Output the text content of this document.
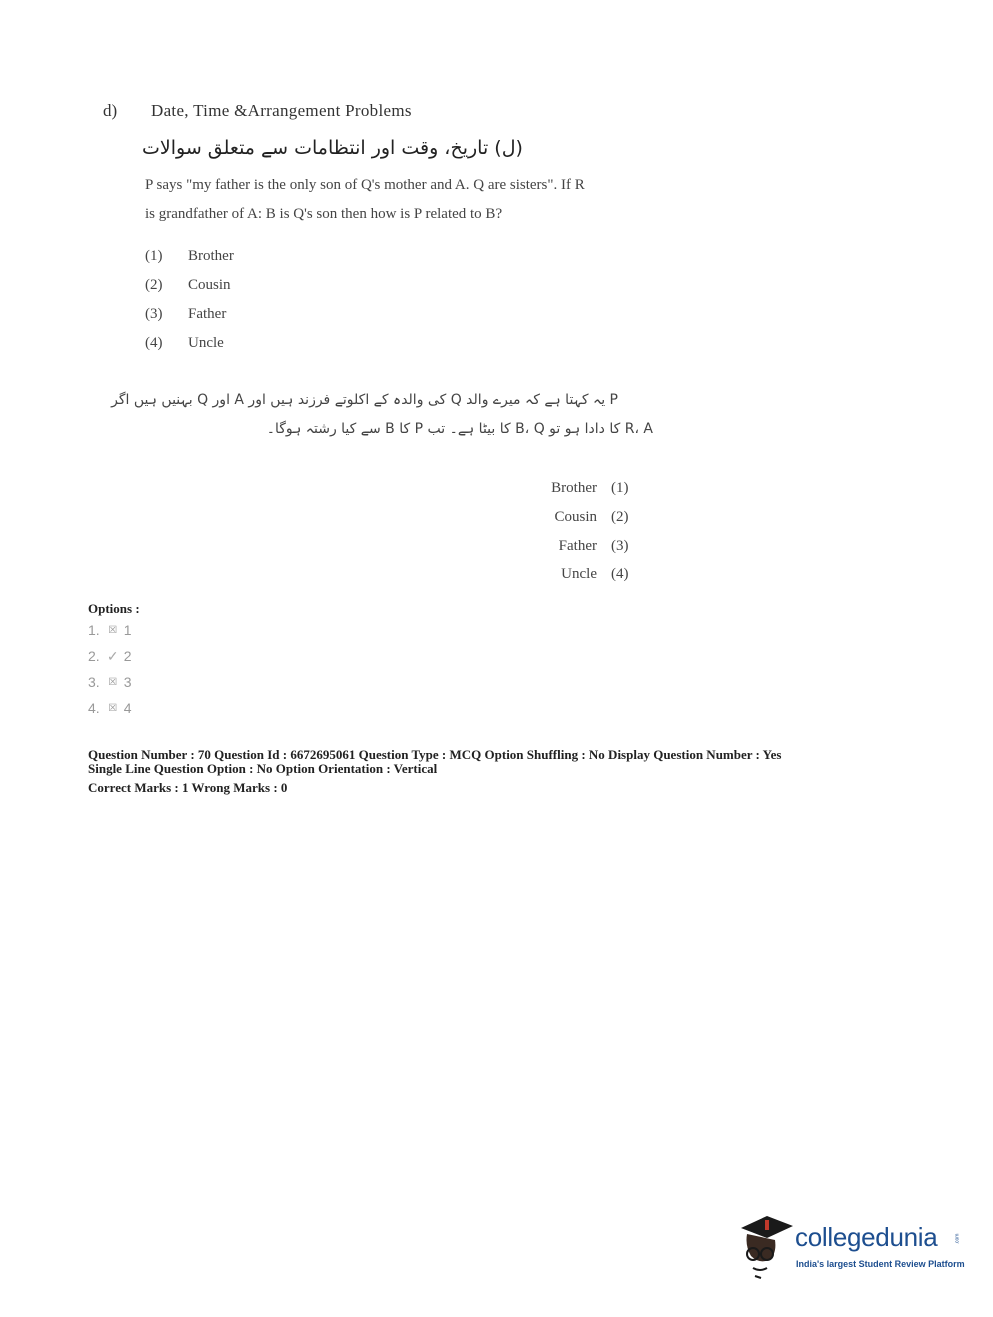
d) Date, Time &Arrangement Problems
(ل) تاریخ، وقت اور انتظامات سے متعلق سوالات
P says "my father is the only son of Q's mother and A. Q are sisters". If R
is grandfather of A: B is Q's son then how is P related to B?
(1) Brother
(2) Cousin
(3) Father
(4) Uncle
P یہ کہتا ہے کہ میرے والد Q کی والدہ کے اکلوتے فرزند ہیں اور A اور Q بہنیں ہیں اگر
R، A کا دادا ہو تو B، Q کا بیٹا ہے۔ تب P کا B سے کیا رشتہ ہوگا۔
Brother (1)
Cousin (2)
Father (3)
Uncle (4)
Options :
1. ☒ 1
2. ✓ 2
3. ☒ 3
4. ☒ 4
Question Number : 70 Question Id : 6672695061 Question Type : MCQ Option Shuffling : No Display Question Number : Yes
Single Line Question Option : No Option Orientation : Vertical
Correct Marks : 1 Wrong Marks : 0
collegedunia	.com
India's largest Student Review Platform
